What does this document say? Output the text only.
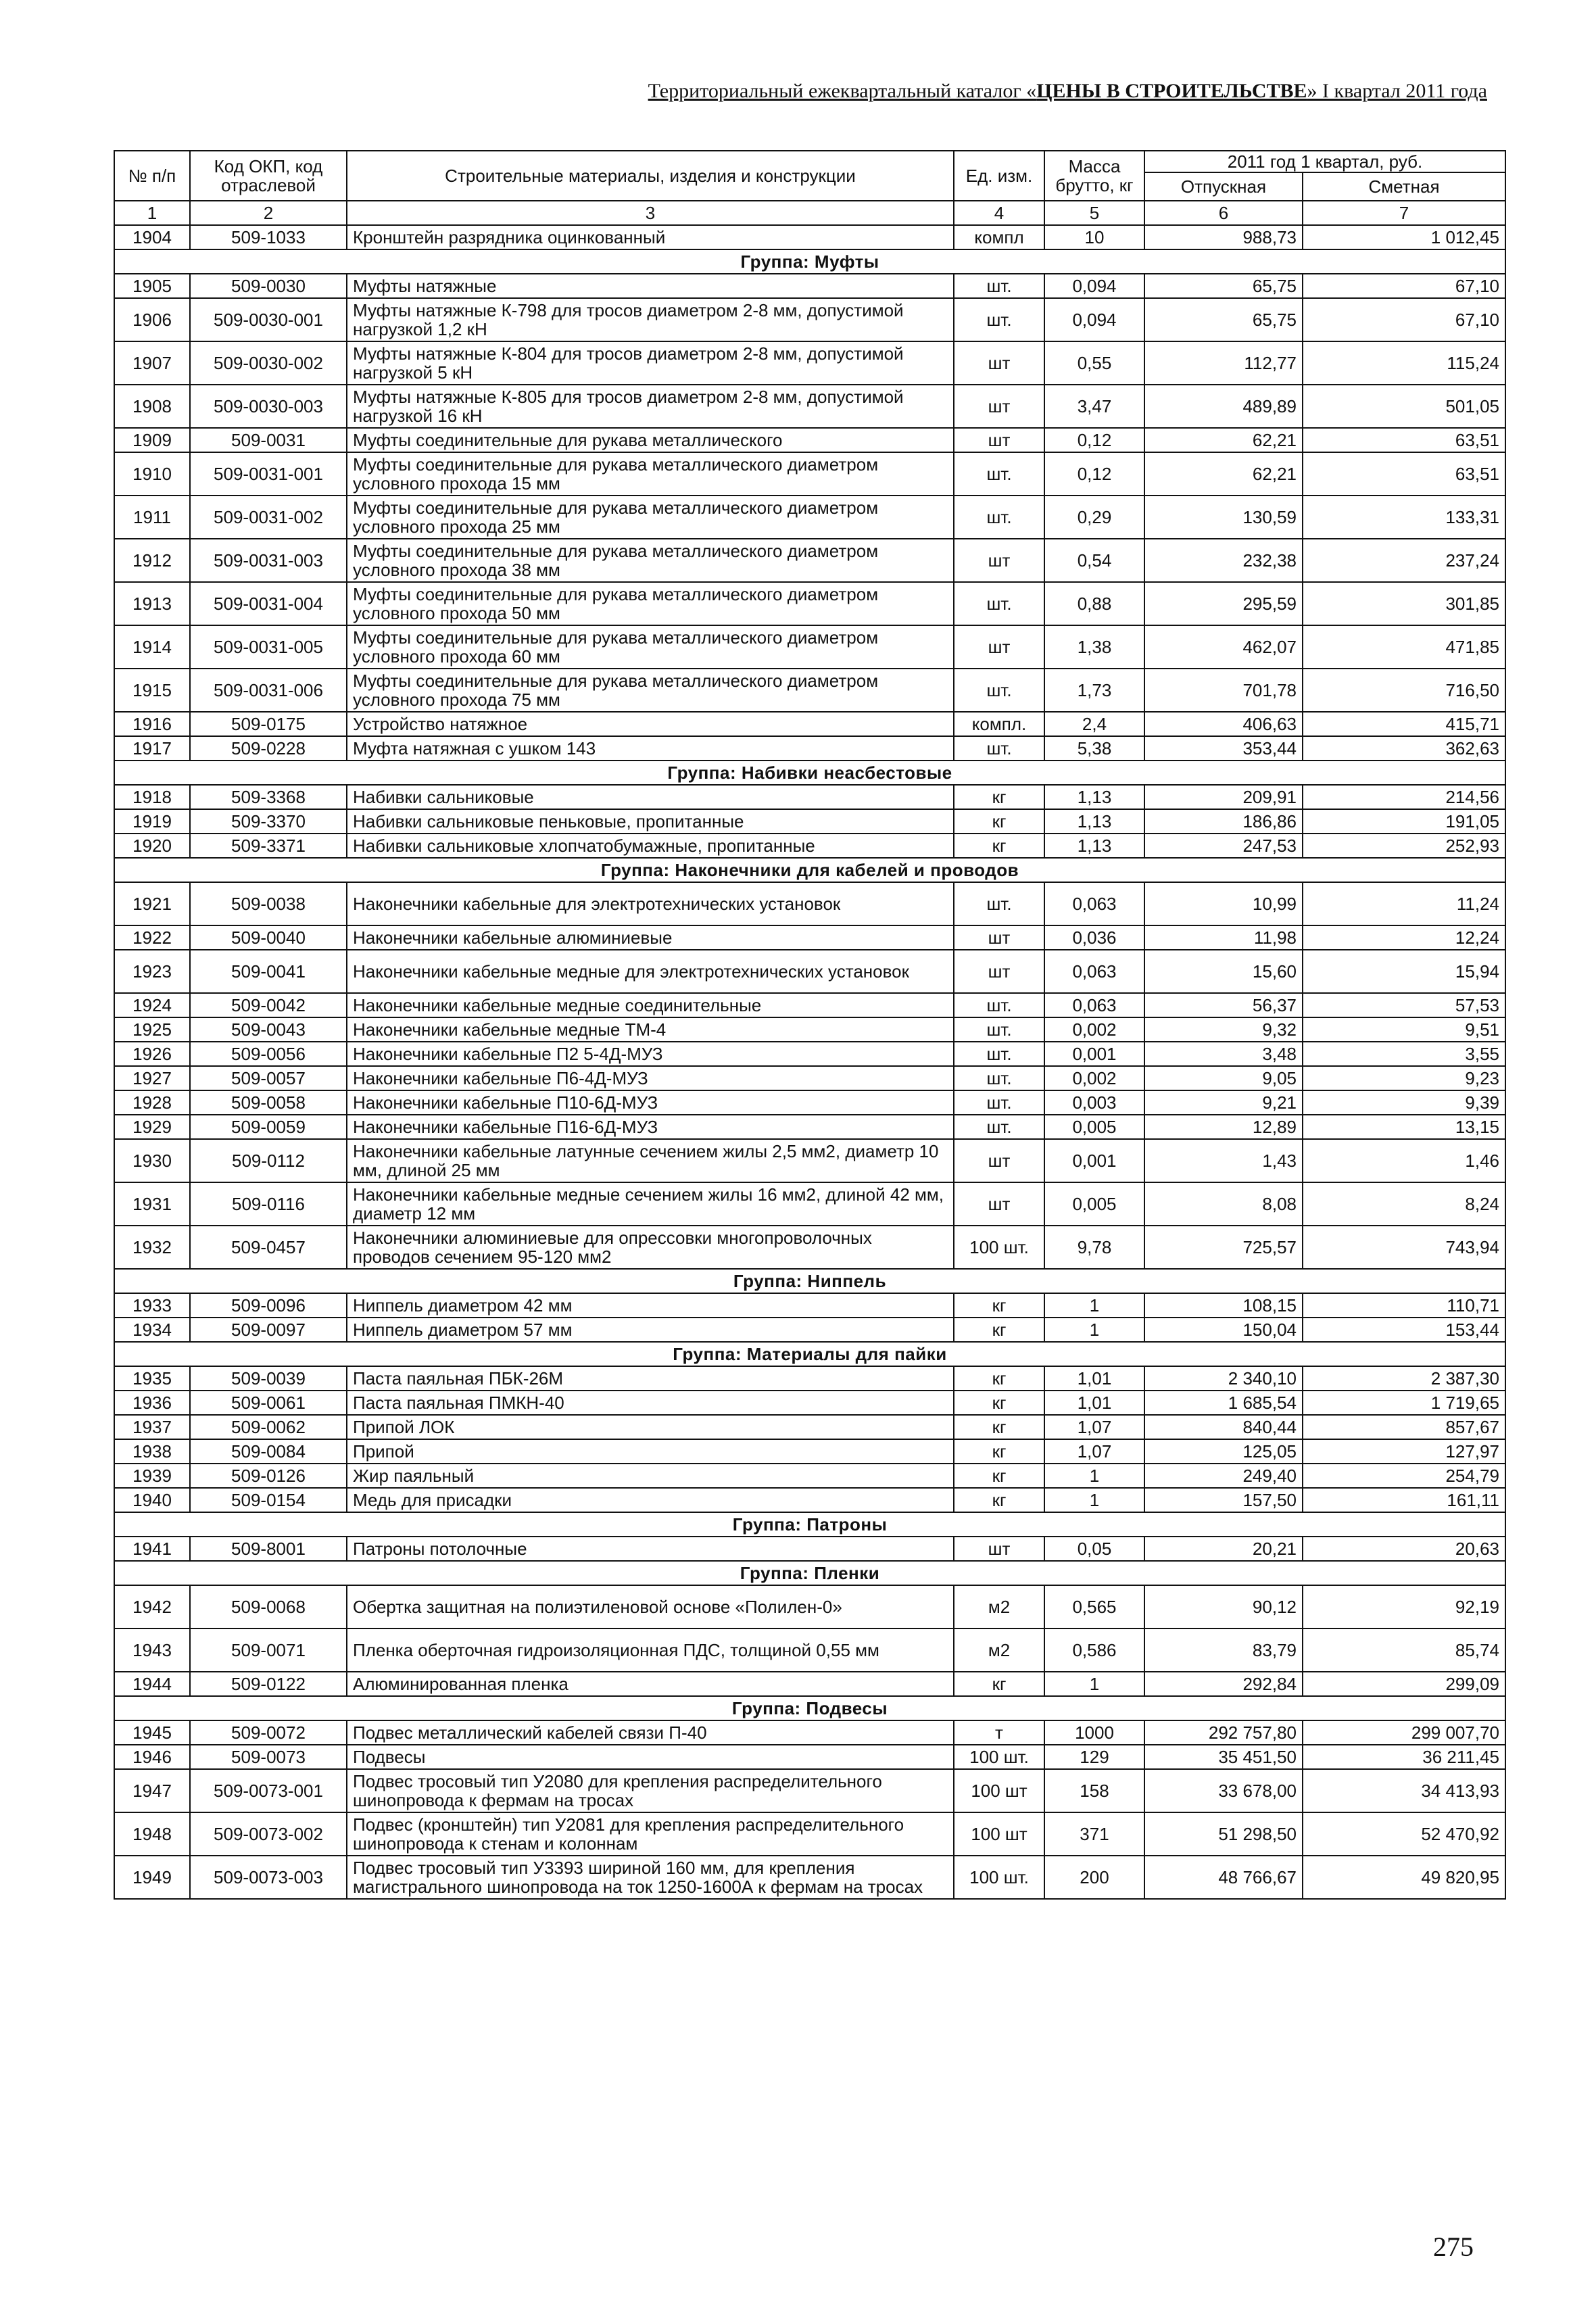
Территориальный ежеквартальный каталог «ЦЕНЫ В СТРОИТЕЛЬСТВЕ» I квартал 2011 года
№ п/п	Код ОКП, код отраслевой	Строительные материалы, изделия и конструкции	Ед. изм.	Масса брутто, кг	2011 год 1 квартал, руб.	
					Отпускная	Сметная
1	2	3	4	5	6	7
1904	509-1033	Кронштейн разрядника оцинкованный	компл	10	988,73	1 012,45
Группа: Муфты						
1905	509-0030	Муфты натяжные	шт.	0,094	65,75	67,10
1906	509-0030-001	Муфты натяжные К-798 для тросов диаметром 2-8 мм, допустимой нагрузкой 1,2 кН	шт.	0,094	65,75	67,10
1907	509-0030-002	Муфты натяжные К-804 для тросов диаметром 2-8 мм, допустимой нагрузкой 5 кН	шт	0,55	112,77	115,24
1908	509-0030-003	Муфты натяжные К-805 для тросов диаметром 2-8 мм, допустимой нагрузкой 16 кН	шт	3,47	489,89	501,05
1909	509-0031	Муфты соединительные для рукава металлического	шт	0,12	62,21	63,51
1910	509-0031-001	Муфты соединительные для рукава металлического диаметром условного прохода 15 мм	шт.	0,12	62,21	63,51
1911	509-0031-002	Муфты соединительные для рукава металлического диаметром условного прохода 25 мм	шт.	0,29	130,59	133,31
1912	509-0031-003	Муфты соединительные для рукава металлического диаметром условного прохода 38 мм	шт	0,54	232,38	237,24
1913	509-0031-004	Муфты соединительные для рукава металлического диаметром условного прохода 50 мм	шт.	0,88	295,59	301,85
1914	509-0031-005	Муфты соединительные для рукава металлического диаметром условного прохода 60 мм	шт	1,38	462,07	471,85
1915	509-0031-006	Муфты соединительные для рукава металлического диаметром условного прохода 75 мм	шт.	1,73	701,78	716,50
1916	509-0175	Устройство натяжное	компл.	2,4	406,63	415,71
1917	509-0228	Муфта натяжная с ушком 143	шт.	5,38	353,44	362,63
Группа: Набивки неасбестовые						
1918	509-3368	Набивки сальниковые	кг	1,13	209,91	214,56
1919	509-3370	Набивки сальниковые пеньковые, пропитанные	кг	1,13	186,86	191,05
1920	509-3371	Набивки сальниковые хлопчатобумажные, пропитанные	кг	1,13	247,53	252,93
Группа: Наконечники для кабелей и проводов						
1921	509-0038	Наконечники кабельные для электротехнических установок	шт.	0,063	10,99	11,24
1922	509-0040	Наконечники кабельные алюминиевые	шт	0,036	11,98	12,24
1923	509-0041	Наконечники кабельные медные для электротехнических установок	шт	0,063	15,60	15,94
1924	509-0042	Наконечники кабельные медные соединительные	шт.	0,063	56,37	57,53
1925	509-0043	Наконечники кабельные медные ТМ-4	шт.	0,002	9,32	9,51
1926	509-0056	Наконечники кабельные П2 5-4Д-МУЗ	шт.	0,001	3,48	3,55
1927	509-0057	Наконечники кабельные П6-4Д-МУЗ	шт.	0,002	9,05	9,23
1928	509-0058	Наконечники кабельные П10-6Д-МУЗ	шт.	0,003	9,21	9,39
1929	509-0059	Наконечники кабельные П16-6Д-МУЗ	шт.	0,005	12,89	13,15
1930	509-0112	Наконечники кабельные латунные сечением жилы 2,5 мм2, диаметр 10 мм, длиной 25 мм	шт	0,001	1,43	1,46
1931	509-0116	Наконечники кабельные медные сечением жилы 16 мм2, длиной 42 мм, диаметр 12 мм	шт	0,005	8,08	8,24
1932	509-0457	Наконечники алюминиевые для опрессовки многопроволочных проводов сечением 95-120 мм2	100 шт.	9,78	725,57	743,94
Группа: Ниппель						
1933	509-0096	Ниппель диаметром 42 мм	кг	1	108,15	110,71
1934	509-0097	Ниппель диаметром 57 мм	кг	1	150,04	153,44
Группа: Материалы для пайки						
1935	509-0039	Паста паяльная ПБК-26М	кг	1,01	2 340,10	2 387,30
1936	509-0061	Паста паяльная ПМКН-40	кг	1,01	1 685,54	1 719,65
1937	509-0062	Припой ЛОК	кг	1,07	840,44	857,67
1938	509-0084	Припой	кг	1,07	125,05	127,97
1939	509-0126	Жир паяльный	кг	1	249,40	254,79
1940	509-0154	Медь для присадки	кг	1	157,50	161,11
Группа: Патроны						
1941	509-8001	Патроны потолочные	шт	0,05	20,21	20,63
Группа: Пленки						
1942	509-0068	Обертка защитная на полиэтиленовой основе «Полилен-0»	м2	0,565	90,12	92,19
1943	509-0071	Пленка оберточная гидроизоляционная ПДС, толщиной 0,55 мм	м2	0,586	83,79	85,74
1944	509-0122	Алюминированная пленка	кг	1	292,84	299,09
Группа: Подвесы						
1945	509-0072	Подвес металлический кабелей связи П-40	т	1000	292 757,80	299 007,70
1946	509-0073	Подвесы	100 шт.	129	35 451,50	36 211,45
1947	509-0073-001	Подвес тросовый тип У2080 для крепления распределительного шинопровода к фермам на тросах	100 шт	158	33 678,00	34 413,93
1948	509-0073-002	Подвес (кронштейн) тип У2081 для крепления распределительного шинопровода к стенам и колоннам	100 шт	371	51 298,50	52 470,92
1949	509-0073-003	Подвес тросовый тип У3393 шириной 160 мм, для крепления магистрального шинопровода на ток 1250-1600А к фермам на тросах	100 шт.	200	48 766,67	49 820,95
275
